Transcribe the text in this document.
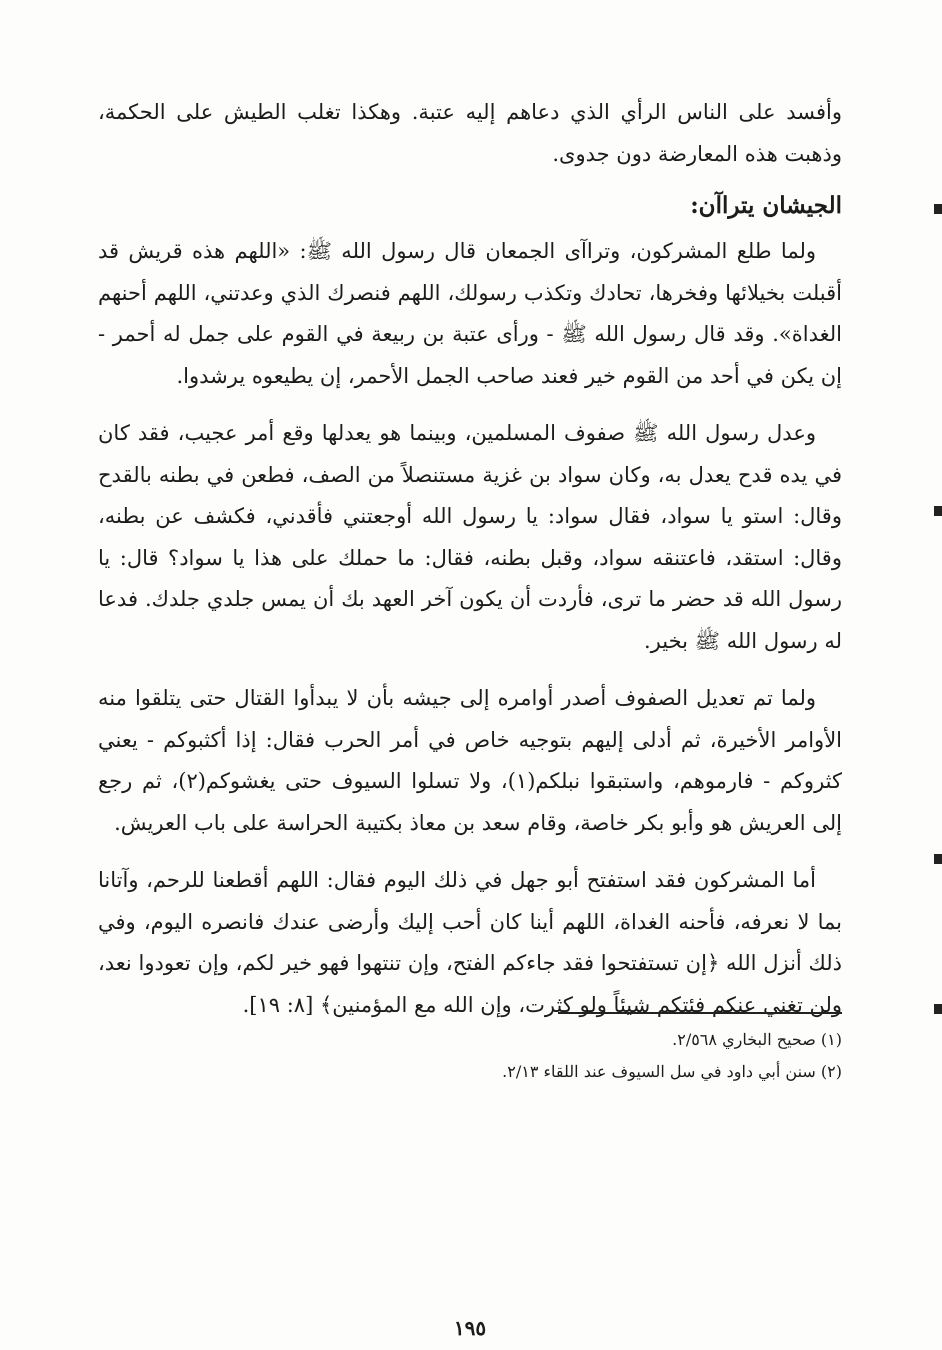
وأفسد على الناس الرأي الذي دعاهم إليه عتبة. وهكذا تغلب الطيش على الحكمة، وذهبت هذه المعارضة دون جدوى.

الجيشان يتراآن:

ولما طلع المشركون، وتراآى الجمعان قال رسول الله ﷺ: «اللهم هذه قريش قد أقبلت بخيلائها وفخرها، تحادك وتكذب رسولك، اللهم فنصرك الذي وعدتني، اللهم أحنهم الغداة». وقد قال رسول الله ﷺ - ورأى عتبة بن ربيعة في القوم على جمل له أحمر - إن يكن في أحد من القوم خير فعند صاحب الجمل الأحمر، إن يطيعوه يرشدوا.

وعدل رسول الله ﷺ صفوف المسلمين، وبينما هو يعدلها وقع أمر عجيب، فقد كان في يده قدح يعدل به، وكان سواد بن غزية مستنصلاً من الصف، فطعن في بطنه بالقدح وقال: استو يا سواد، فقال سواد: يا رسول الله أوجعتني فأقدني، فكشف عن بطنه، وقال: استقد، فاعتنقه سواد، وقبل بطنه، فقال: ما حملك على هذا يا سواد؟ قال: يا رسول الله قد حضر ما ترى، فأردت أن يكون آخر العهد بك أن يمس جلدي جلدك. فدعا له رسول الله ﷺ بخير.

ولما تم تعديل الصفوف أصدر أوامره إلى جيشه بأن لا يبدأوا القتال حتى يتلقوا منه الأوامر الأخيرة، ثم أدلى إليهم بتوجيه خاص في أمر الحرب فقال: إذا أكثبوكم - يعني كثروكم - فارموهم، واستبقوا نبلكم(١)، ولا تسلوا السيوف حتى يغشوكم(٢)، ثم رجع إلى العريش هو وأبو بكر خاصة، وقام سعد بن معاذ بكتيبة الحراسة على باب العريش.

أما المشركون فقد استفتح أبو جهل في ذلك اليوم فقال: اللهم أقطعنا للرحم، وآتانا بما لا نعرفه، فأحنه الغداة، اللهم أينا كان أحب إليك وأرضى عندك فانصره اليوم، وفي ذلك أنزل الله ﴿إن تستفتحوا فقد جاءكم الفتح، وإن تنتهوا فهو خير لكم، وإن تعودوا نعد، ولن تغني عنكم فئتكم شيئاً ولو كثرت، وإن الله مع المؤمنين﴾ [٨: ١٩].

(١) صحيح البخاري ٢/٥٦٨.
(٢) سنن أبي داود في سل السيوف عند اللقاء ٢/١٣.
١٩٥
